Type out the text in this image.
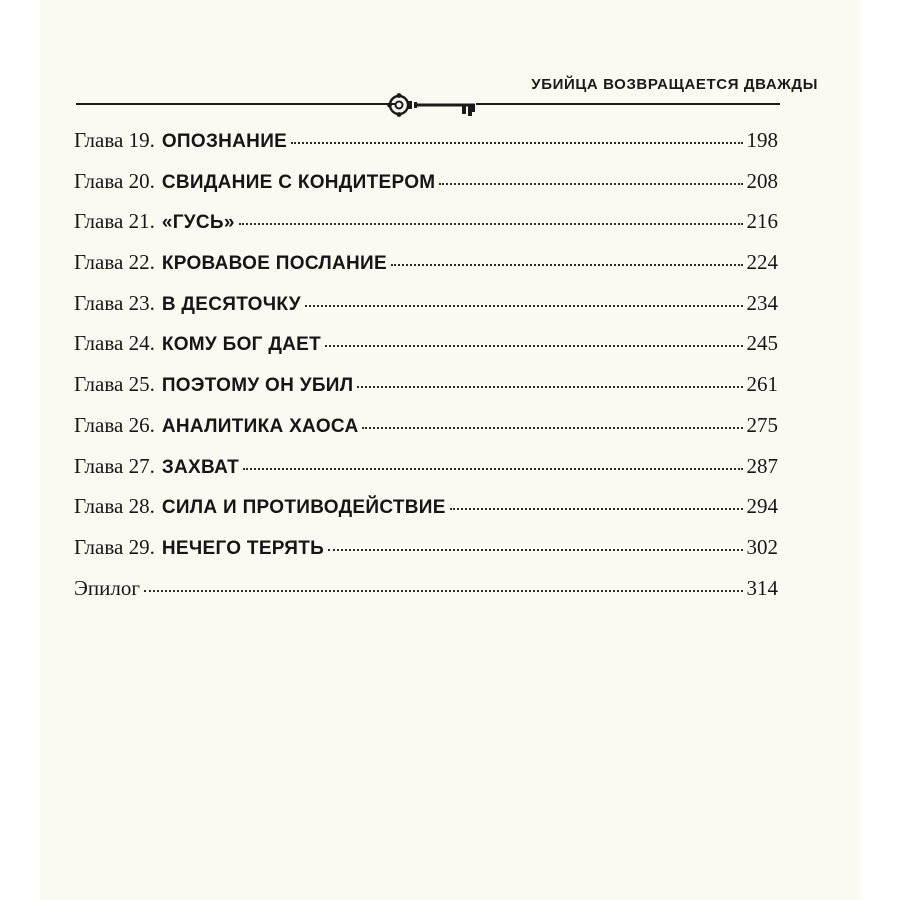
УБИЙЦА ВОЗВРАЩАЕТСЯ ДВАЖДЫ
Глава 19. ОПОЗНАНИЕ	198
Глава 20. СВИДАНИЕ С КОНДИТЕРОМ	208
Глава 21. «ГУСЬ»	216
Глава 22. КРОВАВОЕ ПОСЛАНИЕ	224
Глава 23. В ДЕСЯТОЧКУ	234
Глава 24. КОМУ БОГ ДАЕТ	245
Глава 25. ПОЭТОМУ ОН УБИЛ	261
Глава 26. АНАЛИТИКА ХАОСА	275
Глава 27. ЗАХВАТ	287
Глава 28. СИЛА И ПРОТИВОДЕЙСТВИЕ	294
Глава 29. НЕЧЕГО ТЕРЯТЬ	302
Эпилог	314
